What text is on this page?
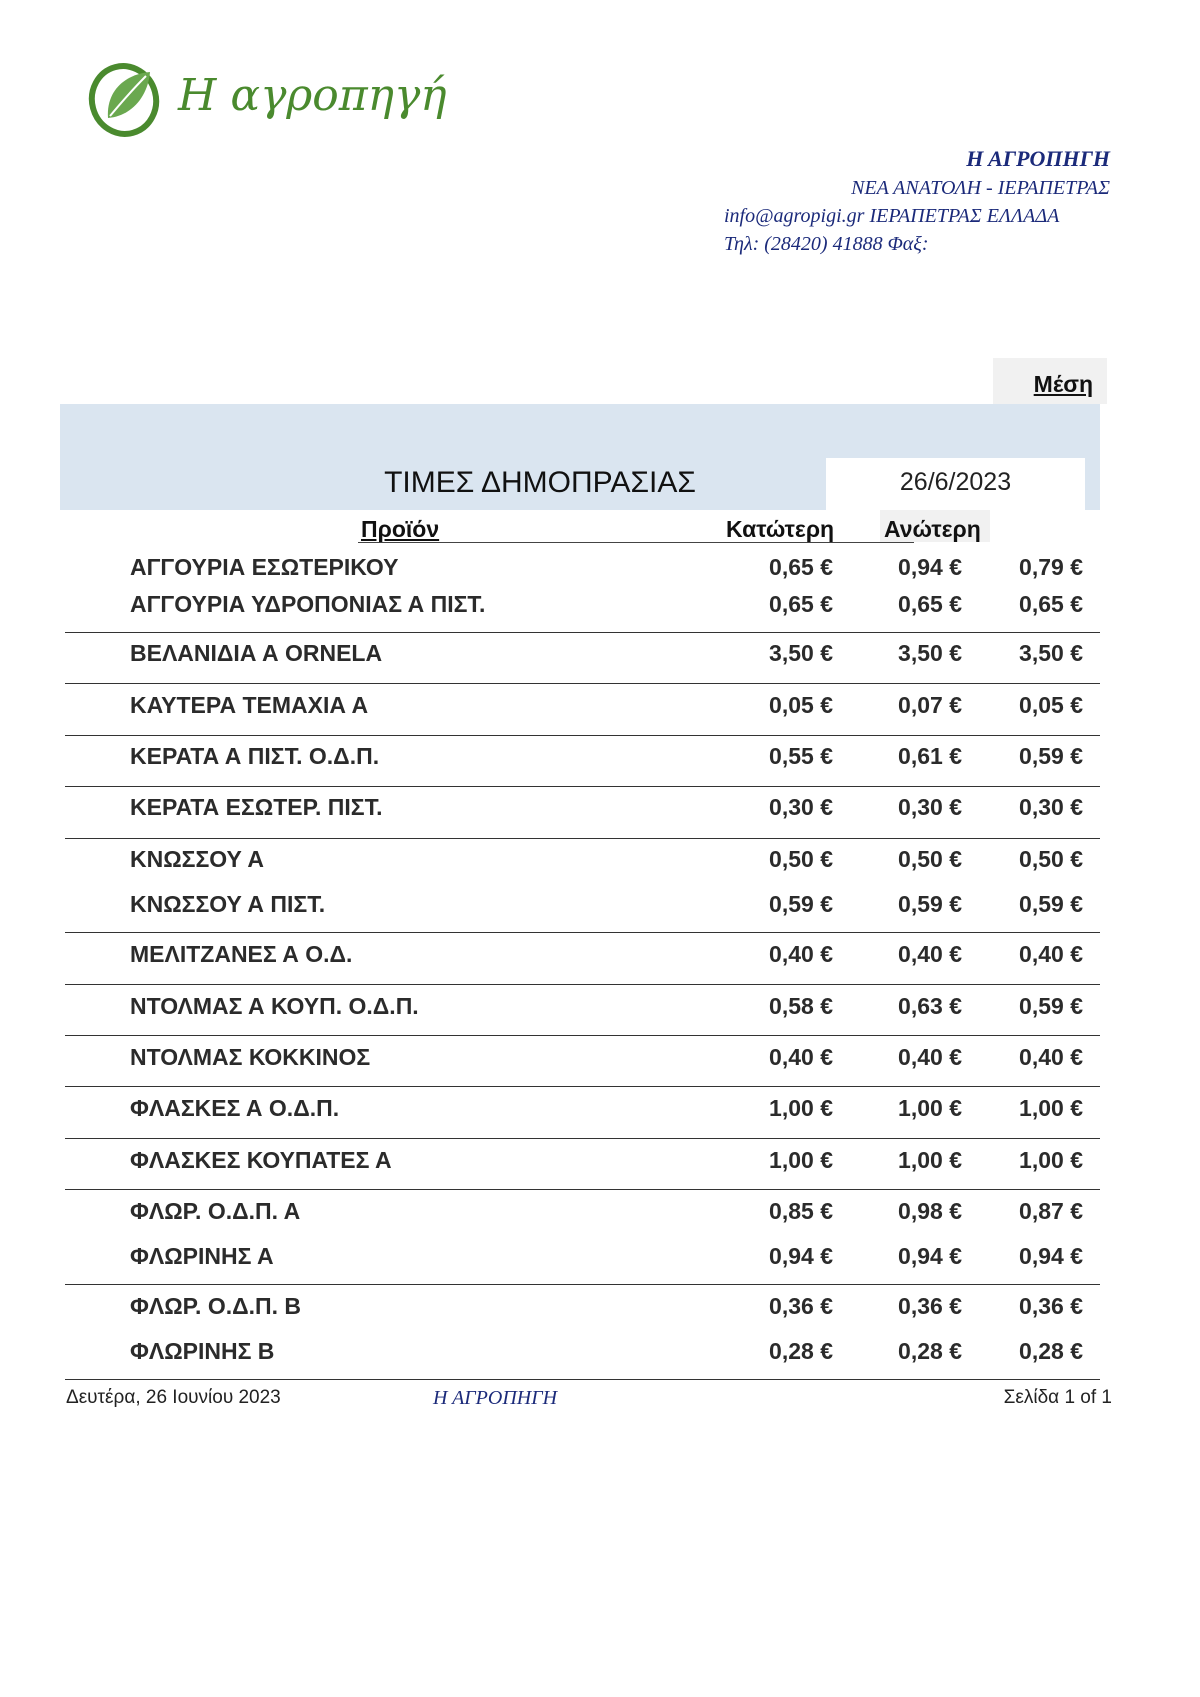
Η αγροπηγή
Η ΑΓΡΟΠΗΓΗ
ΝΕΑ ΑΝΑΤΟΛΗ - ΙΕΡΑΠΕΤΡΑΣ
info@agropigi.gr ΙΕΡΑΠΕΤΡΑΣ ΕΛΛΑΔΑ
Τηλ: (28420) 41888 Φαξ:
Μέση
ΤΙΜΕΣ ΔΗΜΟΠΡΑΣΙΑΣ	26/6/2023
Προϊόν	Κατώτερη Ανώτερη
ΑΓΓΟΥΡΙΑ ΕΣΩΤΕΡΙΚΟΥ	0,65 €	0,94 €	0,79 €
ΑΓΓΟΥΡΙΑ ΥΔΡΟΠΟΝΙΑΣ Α ΠΙΣΤ.	0,65 €	0,65 €	0,65 €
ΒΕΛΑΝΙΔΙΑ Α ORNELA	3,50 €	3,50 €	3,50 €
ΚΑΥΤΕΡΑ ΤΕΜΑΧΙΑ Α	0,05 €	0,07 €	0,05 €
ΚΕΡΑΤΑ Α ΠΙΣΤ. Ο.Δ.Π.	0,55 €	0,61 €	0,59 €
ΚΕΡΑΤΑ ΕΣΩΤΕΡ. ΠΙΣΤ.	0,30 €	0,30 €	0,30 €
ΚΝΩΣΣΟΥ Α	0,50 €	0,50 €	0,50 €
ΚΝΩΣΣΟΥ Α ΠΙΣΤ.	0,59 €	0,59 €	0,59 €
ΜΕΛΙΤΖΑΝΕΣ Α Ο.Δ.	0,40 €	0,40 €	0,40 €
ΝΤΟΛΜΑΣ Α ΚΟΥΠ. Ο.Δ.Π.	0,58 €	0,63 €	0,59 €
ΝΤΟΛΜΑΣ ΚΟΚΚΙΝΟΣ	0,40 €	0,40 €	0,40 €
ΦΛΑΣΚΕΣ Α Ο.Δ.Π.	1,00 €	1,00 €	1,00 €
ΦΛΑΣΚΕΣ ΚΟΥΠΑΤΕΣ Α	1,00 €	1,00 €	1,00 €
ΦΛΩΡ. Ο.Δ.Π. Α	0,85 €	0,98 €	0,87 €
ΦΛΩΡΙΝΗΣ Α	0,94 €	0,94 €	0,94 €
ΦΛΩΡ. Ο.Δ.Π. Β	0,36 €	0,36 €	0,36 €
ΦΛΩΡΙΝΗΣ Β	0,28 €	0,28 €	0,28 €
Δευτέρα, 26 Ιουνίου 2023	Η ΑΓΡΟΠΗΓΗ	Σελίδα 1 of 1
